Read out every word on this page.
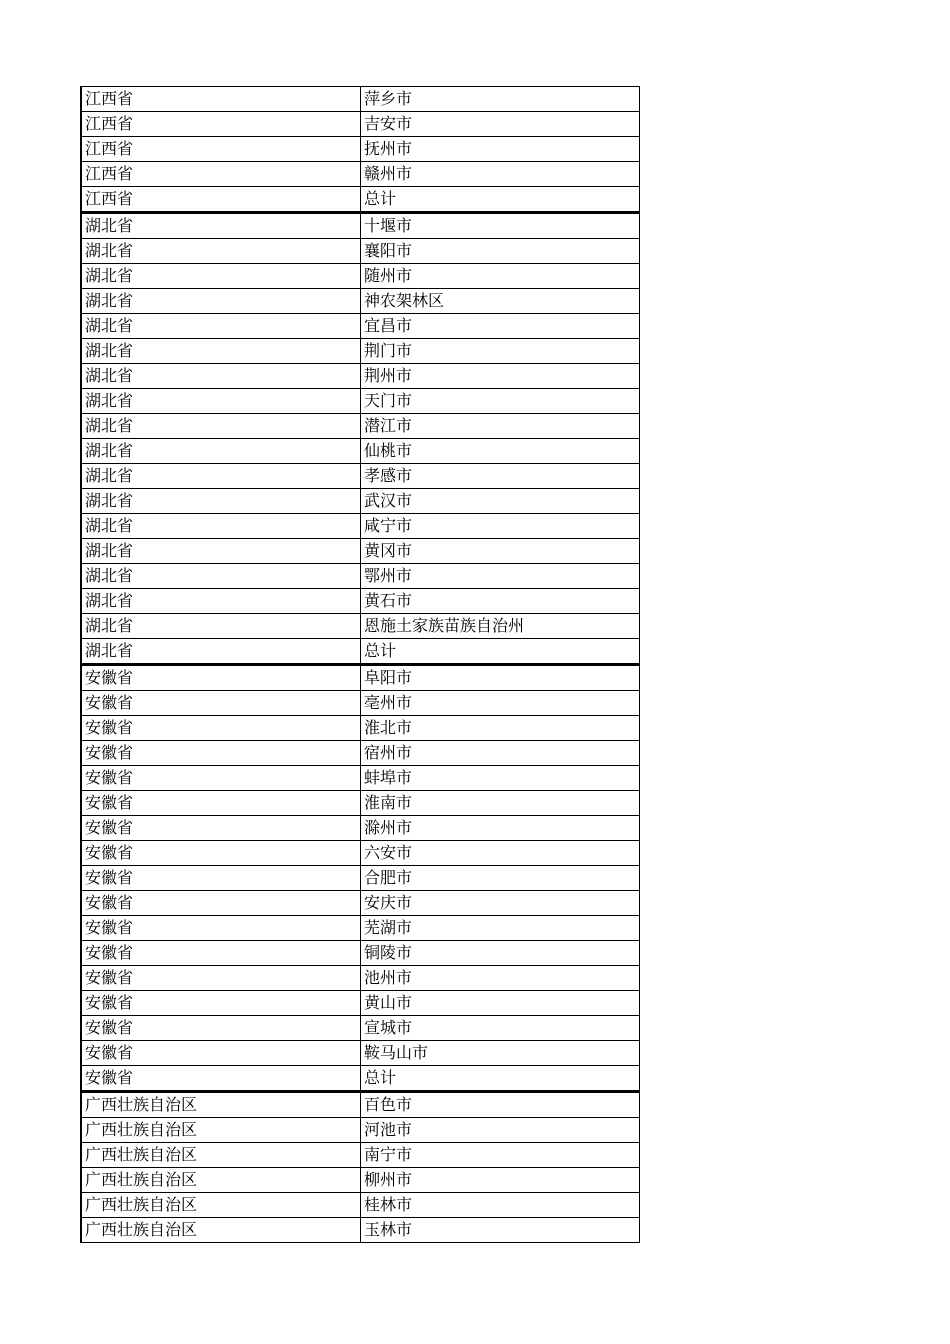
江西省	萍乡市
江西省	吉安市
江西省	抚州市
江西省	赣州市
江西省	总计
湖北省	十堰市
湖北省	襄阳市
湖北省	随州市
湖北省	神农架林区
湖北省	宜昌市
湖北省	荆门市
湖北省	荆州市
湖北省	天门市
湖北省	潜江市
湖北省	仙桃市
湖北省	孝感市
湖北省	武汉市
湖北省	咸宁市
湖北省	黄冈市
湖北省	鄂州市
湖北省	黄石市
湖北省	恩施土家族苗族自治州
湖北省	总计
安徽省	阜阳市
安徽省	亳州市
安徽省	淮北市
安徽省	宿州市
安徽省	蚌埠市
安徽省	淮南市
安徽省	滁州市
安徽省	六安市
安徽省	合肥市
安徽省	安庆市
安徽省	芜湖市
安徽省	铜陵市
安徽省	池州市
安徽省	黄山市
安徽省	宣城市
安徽省	鞍马山市
安徽省	总计
广西壮族自治区	百色市
广西壮族自治区	河池市
广西壮族自治区	南宁市
广西壮族自治区	柳州市
广西壮族自治区	桂林市
广西壮族自治区	玉林市
